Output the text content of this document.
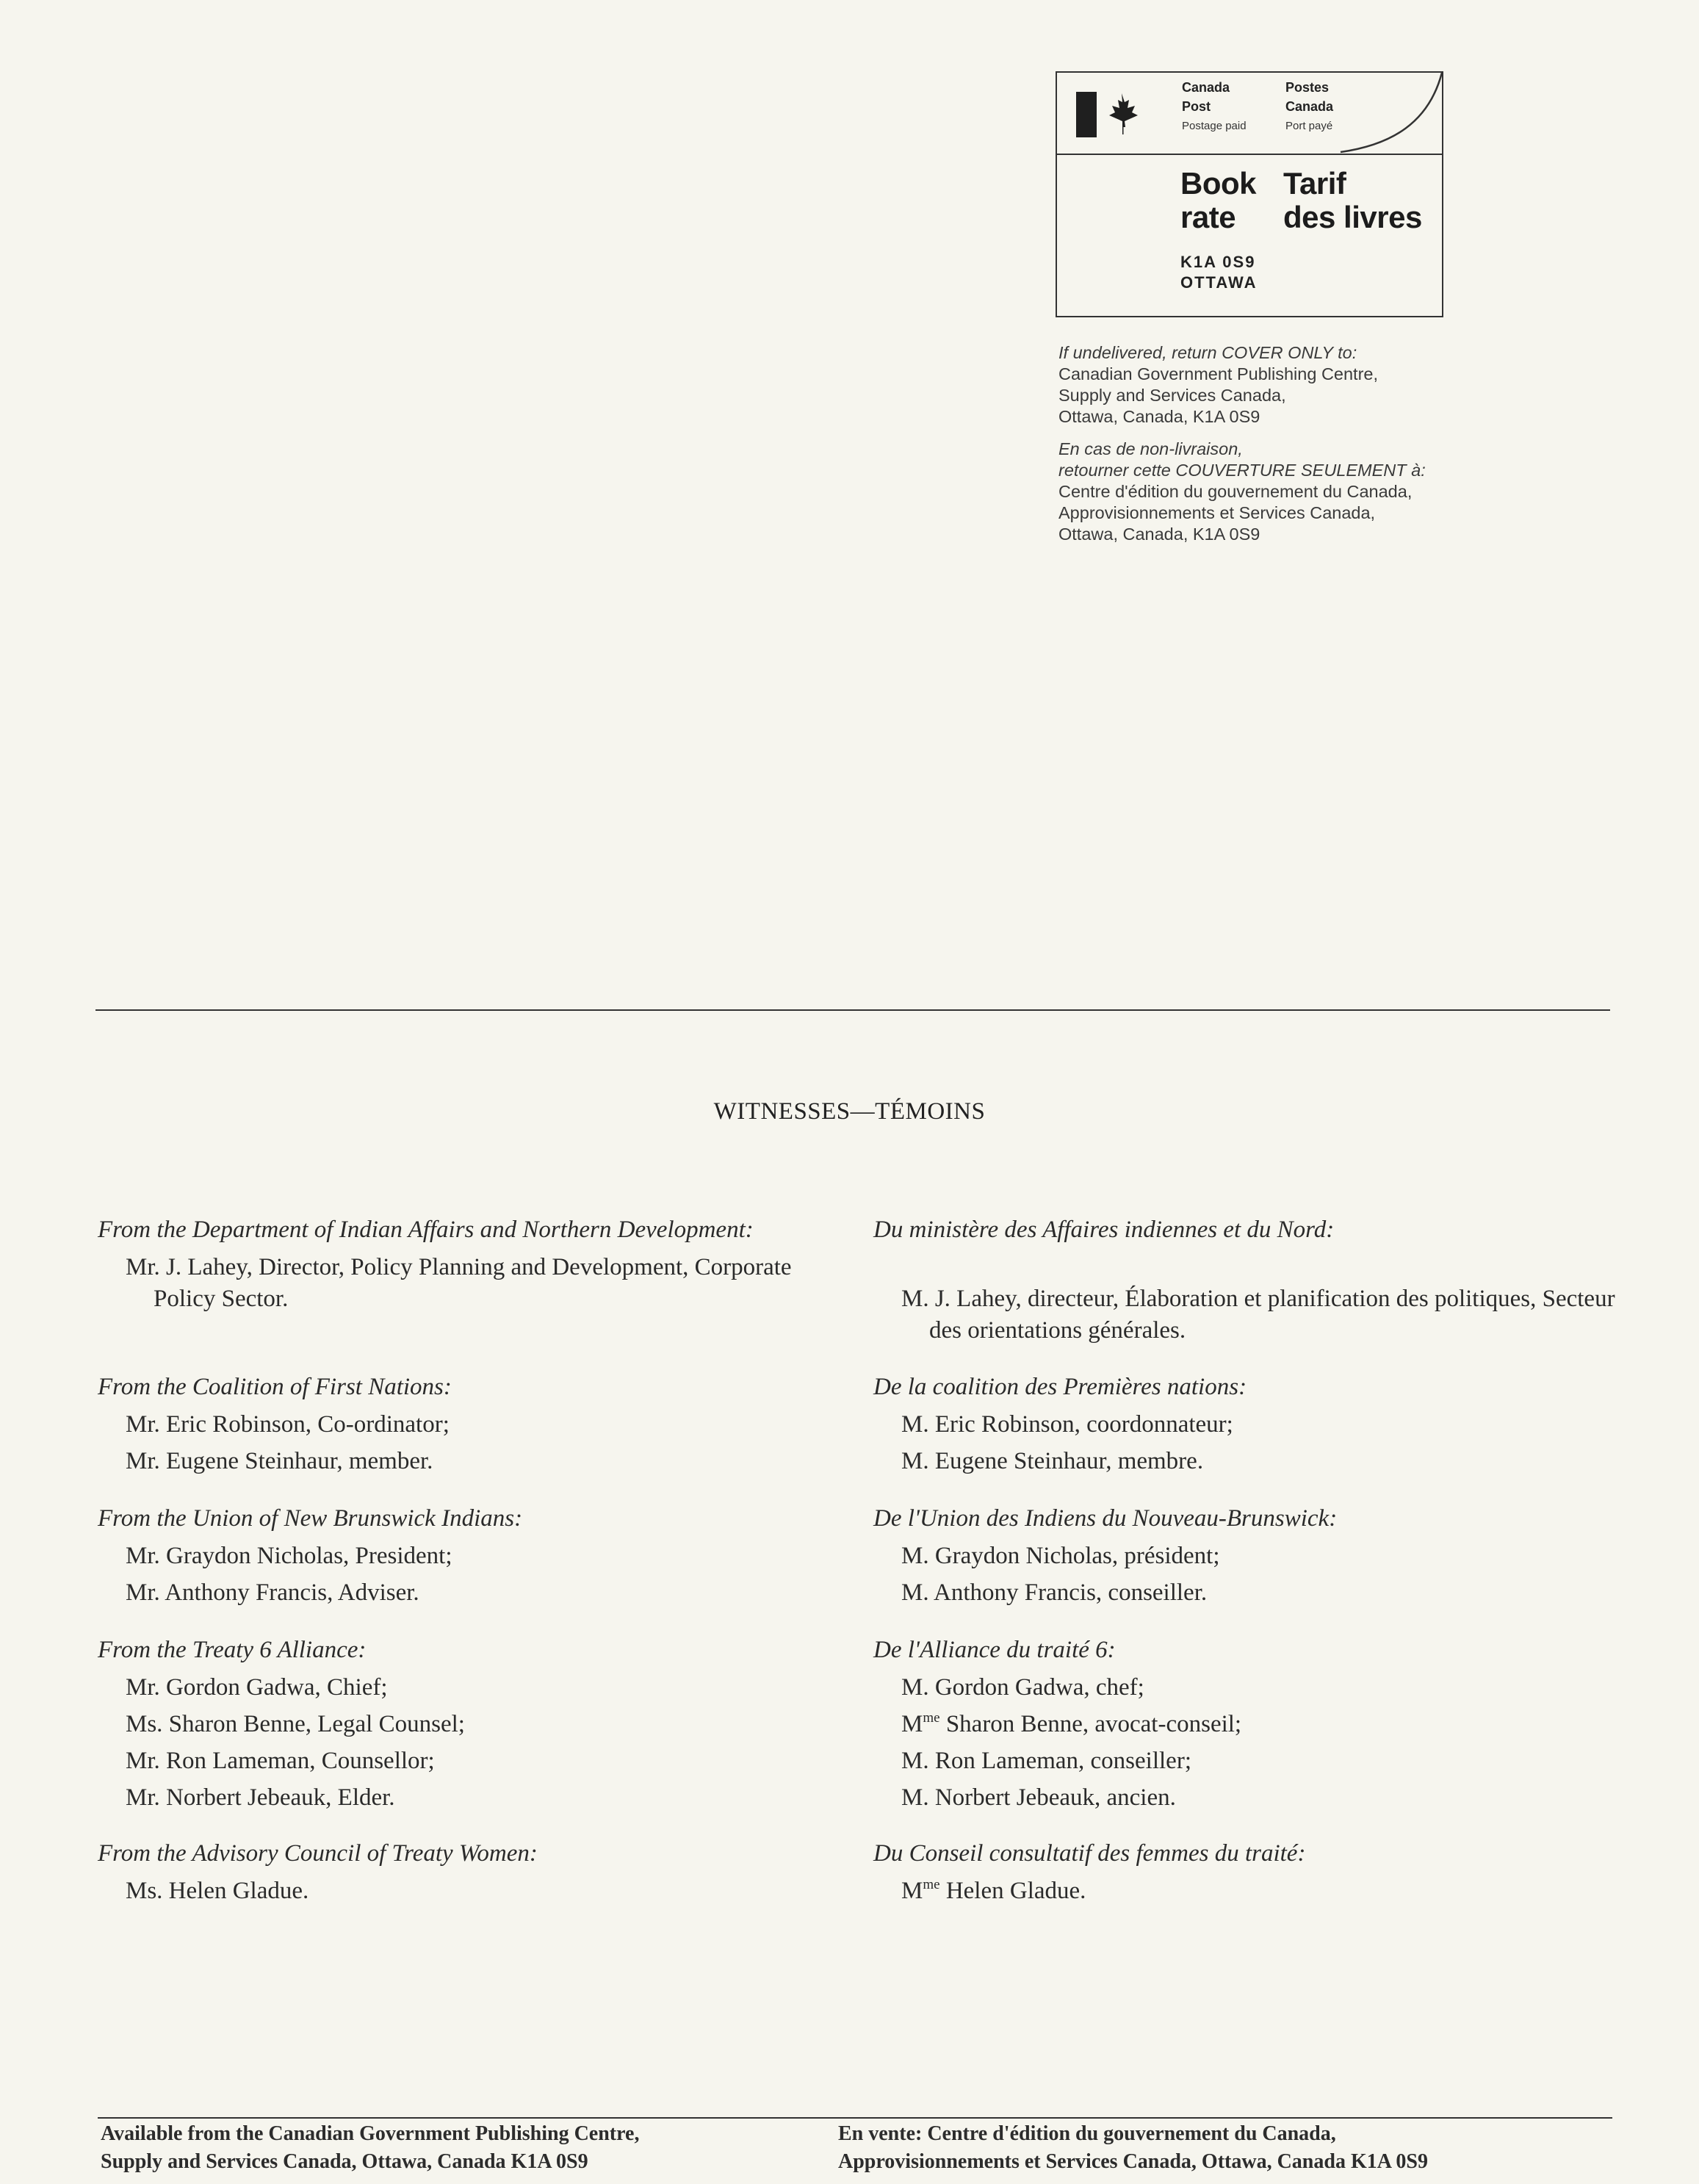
Canada
Post
Postage paid
Postes
Canada
Port payé
Book
rate
Tarif
des livres
K1A 0S9
OTTAWA
If undelivered, return COVER ONLY to:
Canadian Government Publishing Centre,
Supply and Services Canada,
Ottawa, Canada, K1A 0S9
En cas de non-livraison,
retourner cette COUVERTURE SEULEMENT à:
Centre d'édition du gouvernement du Canada,
Approvisionnements et Services Canada,
Ottawa, Canada, K1A 0S9
WITNESSES—TÉMOINS
From the Department of Indian Affairs and Northern Development:
Mr. J. Lahey, Director, Policy Planning and Development, Corporate Policy Sector.
From the Coalition of First Nations:
Mr. Eric Robinson, Co-ordinator;
Mr. Eugene Steinhaur, member.
From the Union of New Brunswick Indians:
Mr. Graydon Nicholas, President;
Mr. Anthony Francis, Adviser.
From the Treaty 6 Alliance:
Mr. Gordon Gadwa, Chief;
Ms. Sharon Benne, Legal Counsel;
Mr. Ron Lameman, Counsellor;
Mr. Norbert Jebeauk, Elder.
From the Advisory Council of Treaty Women:
Ms. Helen Gladue.
Du ministère des Affaires indiennes et du Nord:
M. J. Lahey, directeur, Élaboration et planification des politiques, Secteur des orientations générales.
De la coalition des Premières nations:
M. Eric Robinson, coordonnateur;
M. Eugene Steinhaur, membre.
De l'Union des Indiens du Nouveau-Brunswick:
M. Graydon Nicholas, président;
M. Anthony Francis, conseiller.
De l'Alliance du traité 6:
M. Gordon Gadwa, chef;
$M^{me}$ Sharon Benne, avocat-conseil;
M. Ron Lameman, conseiller;
M. Norbert Jebeauk, ancien.
Du Conseil consultatif des femmes du traité:
$M^{me}$ Helen Gladue.
Available from the Canadian Government Publishing Centre,
Supply and Services Canada, Ottawa, Canada K1A 0S9
En vente: Centre d'édition du gouvernement du Canada,
Approvisionnements et Services Canada, Ottawa, Canada K1A 0S9
